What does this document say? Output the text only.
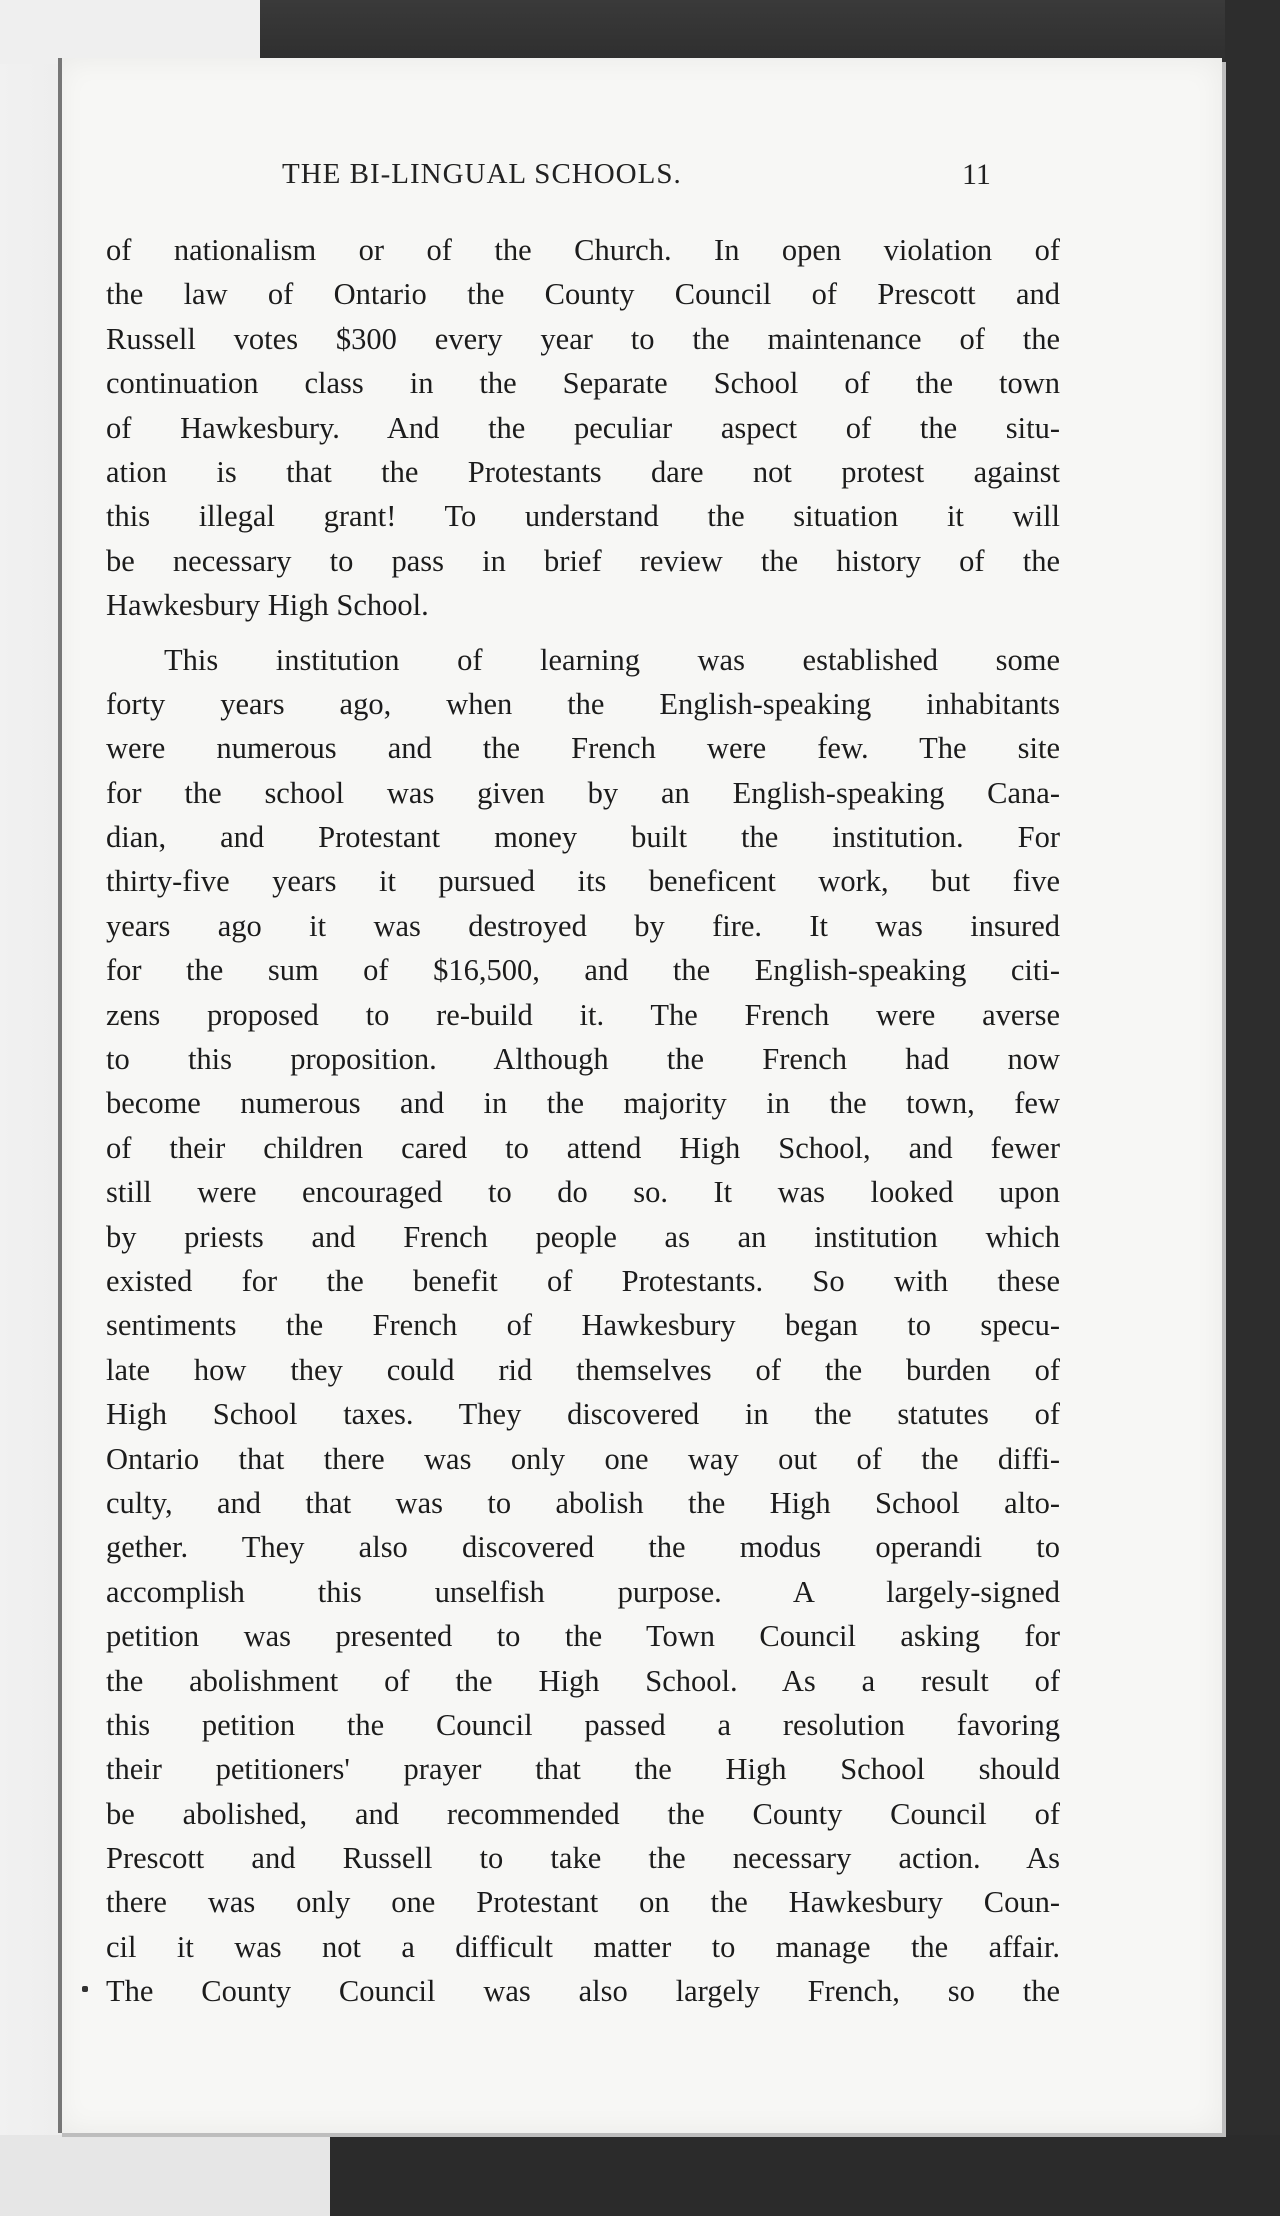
THE BI-LINGUAL SCHOOLS.	11
of nationalism or of the Church. In open violation of
the law of Ontario the County Council of Prescott and
Russell votes $300 every year to the maintenance of the
continuation class in the Separate School of the town
of Hawkesbury. And the peculiar aspect of the situ-
ation is that the Protestants dare not protest against
this illegal grant! To understand the situation it will
be necessary to pass in brief review the history of the
Hawkesbury High School.
This institution of learning was established some
forty years ago, when the English-speaking inhabitants
were numerous and the French were few. The site
for the school was given by an English-speaking Cana-
dian, and Protestant money built the institution. For
thirty-five years it pursued its beneficent work, but five
years ago it was destroyed by fire. It was insured
for the sum of $16,500, and the English-speaking citi-
zens proposed to re-build it. The French were averse
to this proposition. Although the French had now
become numerous and in the majority in the town, few
of their children cared to attend High School, and fewer
still were encouraged to do so. It was looked upon
by priests and French people as an institution which
existed for the benefit of Protestants. So with these
sentiments the French of Hawkesbury began to specu-
late how they could rid themselves of the burden of
High School taxes. They discovered in the statutes of
Ontario that there was only one way out of the diffi-
culty, and that was to abolish the High School alto-
gether. They also discovered the modus operandi to
accomplish this unselfish purpose. A largely-signed
petition was presented to the Town Council asking for
the abolishment of the High School. As a result of
this petition the Council passed a resolution favoring
their petitioners' prayer that the High School should
be abolished, and recommended the County Council of
Prescott and Russell to take the necessary action. As
there was only one Protestant on the Hawkesbury Coun-
cil it was not a difficult matter to manage the affair.
The County Council was also largely French, so the
